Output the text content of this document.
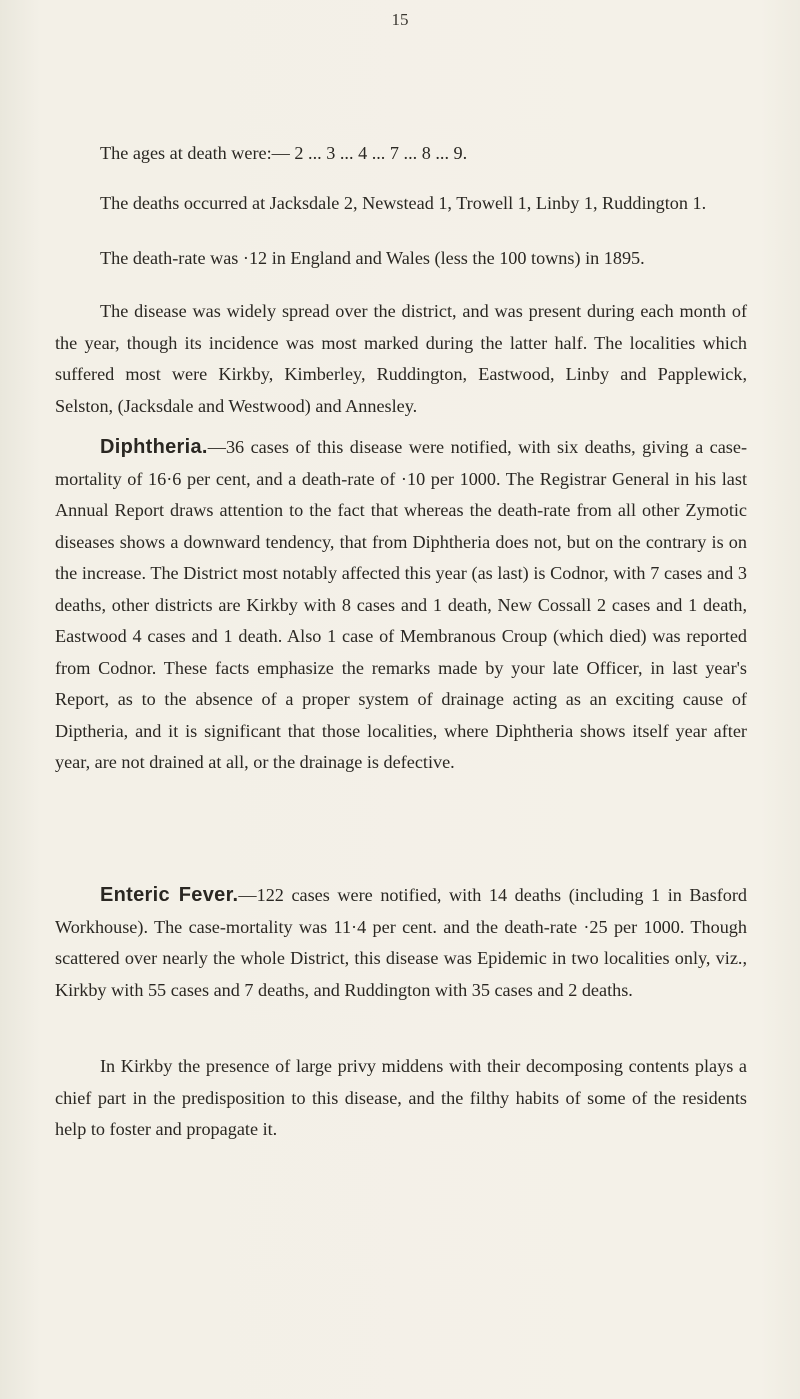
15

The ages at death were:— 2 ... 3 ... 4 ... 7 ... 8 ... 9.

The deaths occurred at Jacksdale 2, Newstead 1, Trowell 1, Linby 1, Ruddington 1.

The death-rate was ·12 in England and Wales (less the 100 towns) in 1895.

The disease was widely spread over the district, and was present during each month of the year, though its incidence was most marked during the latter half. The localities which suffered most were Kirkby, Kimberley, Ruddington, Eastwood, Linby and Papplewick, Selston, (Jacksdale and Westwood) and Annesley.

Diphtheria.—36 cases of this disease were notified, with six deaths, giving a case-mortality of 16·6 per cent, and a death-rate of ·10 per 1000. The Registrar General in his last Annual Report draws attention to the fact that whereas the death-rate from all other Zymotic diseases shows a downward tendency, that from Diphtheria does not, but on the contrary is on the increase. The District most notably affected this year (as last) is Codnor, with 7 cases and 3 deaths, other districts are Kirkby with 8 cases and 1 death, New Cossall 2 cases and 1 death, Eastwood 4 cases and 1 death. Also 1 case of Membranous Croup (which died) was reported from Codnor. These facts emphasize the remarks made by your late Officer, in last year's Report, as to the absence of a proper system of drainage acting as an exciting cause of Diptheria, and it is significant that those localities, where Diphtheria shows itself year after year, are not drained at all, or the drainage is defective.

Enteric Fever.—122 cases were notified, with 14 deaths (including 1 in Basford Workhouse). The case-mortality was 11·4 per cent. and the death-rate ·25 per 1000. Though scattered over nearly the whole District, this disease was Epidemic in two localities only, viz., Kirkby with 55 cases and 7 deaths, and Ruddington with 35 cases and 2 deaths.

In Kirkby the presence of large privy middens with their decomposing contents plays a chief part in the predisposition to this disease, and the filthy habits of some of the residents help to foster and propagate it.
